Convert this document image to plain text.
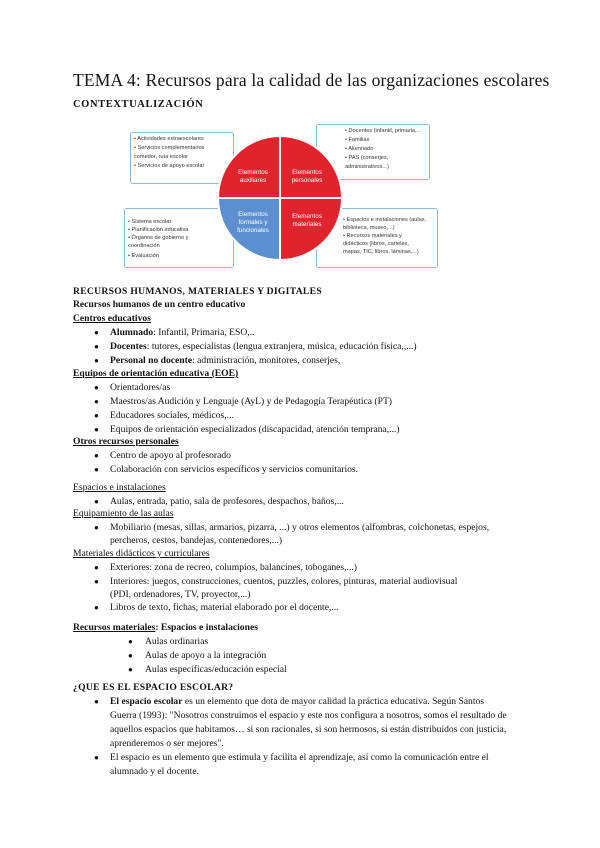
TEMA 4: Recursos para la calidad de las organizaciones escolares
CONTEXTUALIZACIÓN
• Actividades extraescolares
• Servicios complementarios
comedor, ruta escolar
• Servicios de apoyo escolar
• Docentes (infantil, primaria,...
• Familias
• Alumnado
• PAS (conserjes,
administrativos...)
• Sistema escolar
• Planificación educativa
• Órganos de gobierno y
coordinación
• Evaluación
• Espacios e instalaciones (aulas,
biblioteca, museo,...)
• Recursos materiales y
didácticos (libros, carteles,
mapas, TIC, libros, láminas,...)
Elementos
auxiliares
Elementos
personales
Elementos
formales y
funcionales
Elementos
materiales
RECURSOS HUMANOS, MATERIALES Y DIGITALES
Recursos humanos de un centro educativo
Centros educativos
● Alumnado: Infantil, Primaria, ESO,..
● Docentes: tutores, especialistas (lengua extranjera, música, educación física,,...)
● Personal no docente: administración, monitores, conserjes,
Equipos de orientación educativa (EOE)
● Orientadores/as
● Maestros/as Audición y Lenguaje (AyL) y de Pedagogía Terapéutica (PT)
● Educadores sociales, médicos,...
● Equipos de orientación especializados (discapacidad, atención temprana,...)
Otros recursos personales
● Centro de apoyo al profesorado
● Colaboración con servicios específicos y servicios comunitarios.
Espacios e instalaciones
● Aulas, entrada, patio, sala de profesores, despachos, baños,...
Equipamiento de las aulas
● Mobiliario (mesas, sillas, armarios, pizarra, ...) y otros elementos (alfombras, colchonetas, espejos,
percheros, cestos, bandejas, contenedores,...)
Materiales didácticos y curriculares
● Exteriores: zona de recreo, columpios, balancines, toboganes,...)
● Interiores: juegos, construcciones, cuentos, puzzles, colores, pinturas, material audiovisual
(PDI, ordenadores, TV, proyector,...)
● Libros de texto, fichas, material elaborado por el docente,...
Recursos materiales: Espacios e instalaciones
● Aulas ordinarias
● Aulas de apoyo a la integración
● Aulas específicas/educación especial
¿QUE ES EL ESPACIO ESCOLAR?
● El espacio escolar es un elemento que dota de mayor calidad la práctica educativa. Según Santos
Guerra (1993): "Nosotros construimos el espacio y este nos configura a nosotros, somos el resultado de
aquellos espacios que habitamos… si son racionales, si son hermosos, si están distribuidos con justicia,
aprenderemos o ser mejores".
● El espacio es un elemento que estimula y facilita el aprendizaje, así como la comunicación entre el
alumnado y el docente.
